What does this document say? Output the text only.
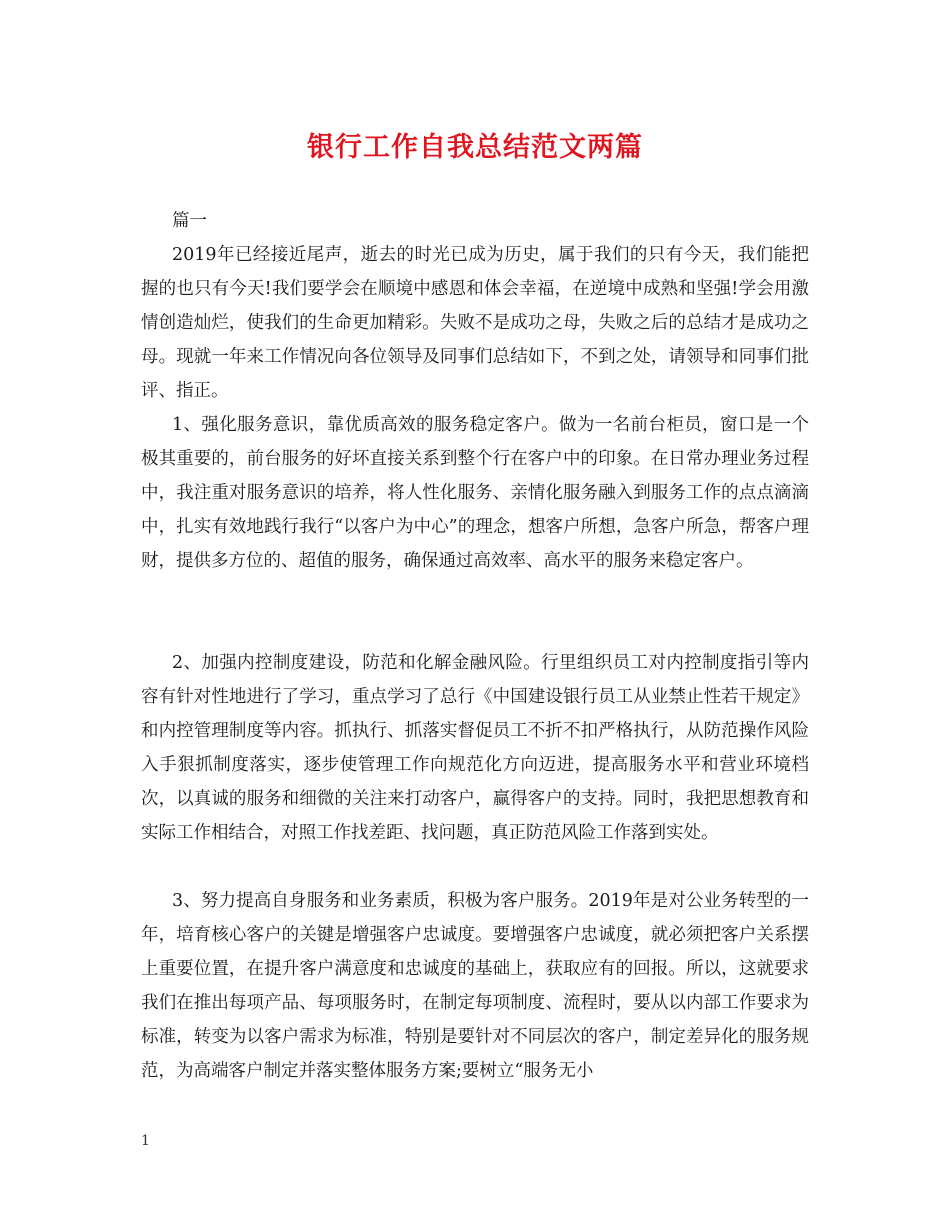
银行工作自我总结范文两篇

篇一

2019年已经接近尾声，逝去的时光已成为历史，属于我们的只有今天，我们能把握的也只有今天!我们要学会在顺境中感恩和体会幸福，在逆境中成熟和坚强!学会用激情创造灿烂，使我们的生命更加精彩。失败不是成功之母，失败之后的总结才是成功之母。现就一年来工作情况向各位领导及同事们总结如下，不到之处，请领导和同事们批评、指正。

1、强化服务意识，靠优质高效的服务稳定客户。做为一名前台柜员，窗口是一个极其重要的，前台服务的好坏直接关系到整个行在客户中的印象。在日常办理业务过程中，我注重对服务意识的培养，将人性化服务、亲情化服务融入到服务工作的点点滴滴中，扎实有效地践行我行“以客户为中心”的理念，想客户所想，急客户所急，帮客户理财，提供多方位的、超值的服务，确保通过高效率、高水平的服务来稳定客户。

2、加强内控制度建设，防范和化解金融风险。行里组织员工对内控制度指引等内容有针对性地进行了学习，重点学习了总行《中国建设银行员工从业禁止性若干规定》和内控管理制度等内容。抓执行、抓落实督促员工不折不扣严格执行，从防范操作风险入手狠抓制度落实，逐步使管理工作向规范化方向迈进，提高服务水平和营业环境档次，以真诚的服务和细微的关注来打动客户，赢得客户的支持。同时，我把思想教育和实际工作相结合，对照工作找差距、找问题，真正防范风险工作落到实处。

3、努力提高自身服务和业务素质，积极为客户服务。2019年是对公业务转型的一年，培育核心客户的关键是增强客户忠诚度。要增强客户忠诚度，就必须把客户关系摆上重要位置，在提升客户满意度和忠诚度的基础上，获取应有的回报。所以，这就要求我们在推出每项产品、每项服务时，在制定每项制度、流程时，要从以内部工作要求为标准，转变为以客户需求为标准，特别是要针对不同层次的客户，制定差异化的服务规范，为高端客户制定并落实整体服务方案;要树立“服务无小

1
